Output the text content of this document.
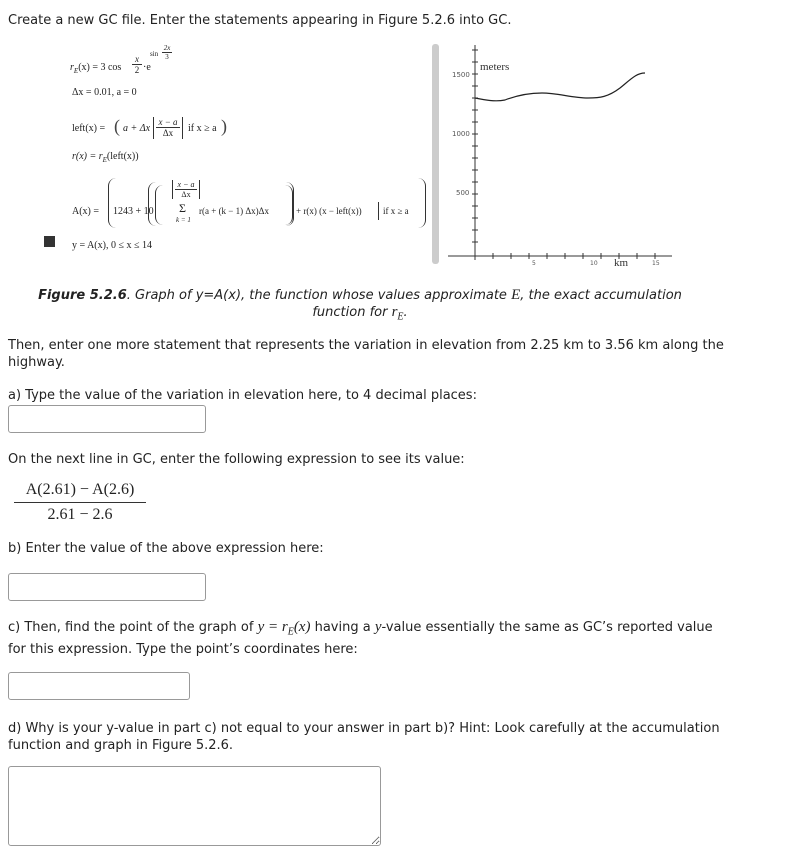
Create a new GC file. Enter the statements appearing in Figure 5.2.6 into GC.
$r_E(x) = 3$ cos
x
2 ·e
sin
2x
3
Δx = 0.01, a = 0
left(x) = ( a + Δx
x − a
Δx	if x ≥ a )
$r(x) = r_E(left(x))$
A(x) = 1243 + 10
x − a
Δx
Σ
k = 1
r(a + (k − 1) Δx)Δx	+ r(x) (x − left(x)) if x ≥ a
y = A(x), 0 ≤ x ≤ 14
meters
km
1500
1000
500
5	10	15
Figure 5.2.6. Graph of y=A(x), the function whose values approximate E, the exact accumulation function for $r_E$.
Then, enter one more statement that represents the variation in elevation from 2.25 km to 3.56 km along the highway.
a) Type the value of the variation in elevation here, to 4 decimal places:
On the next line in GC, enter the following expression to see its value:
$\frac{A(2.61) - A(2.6)}{2.61 - 2.6}$
b) Enter the value of the above expression here:
c) Then, find the point of the graph of $y = r_E(x)$ having a y-value essentially the same as GC’s reported value for this expression. Type the point’s coordinates here:
d) Why is your y-value in part c) not equal to your answer in part b)? Hint: Look carefully at the accumulation function and graph in Figure 5.2.6.
